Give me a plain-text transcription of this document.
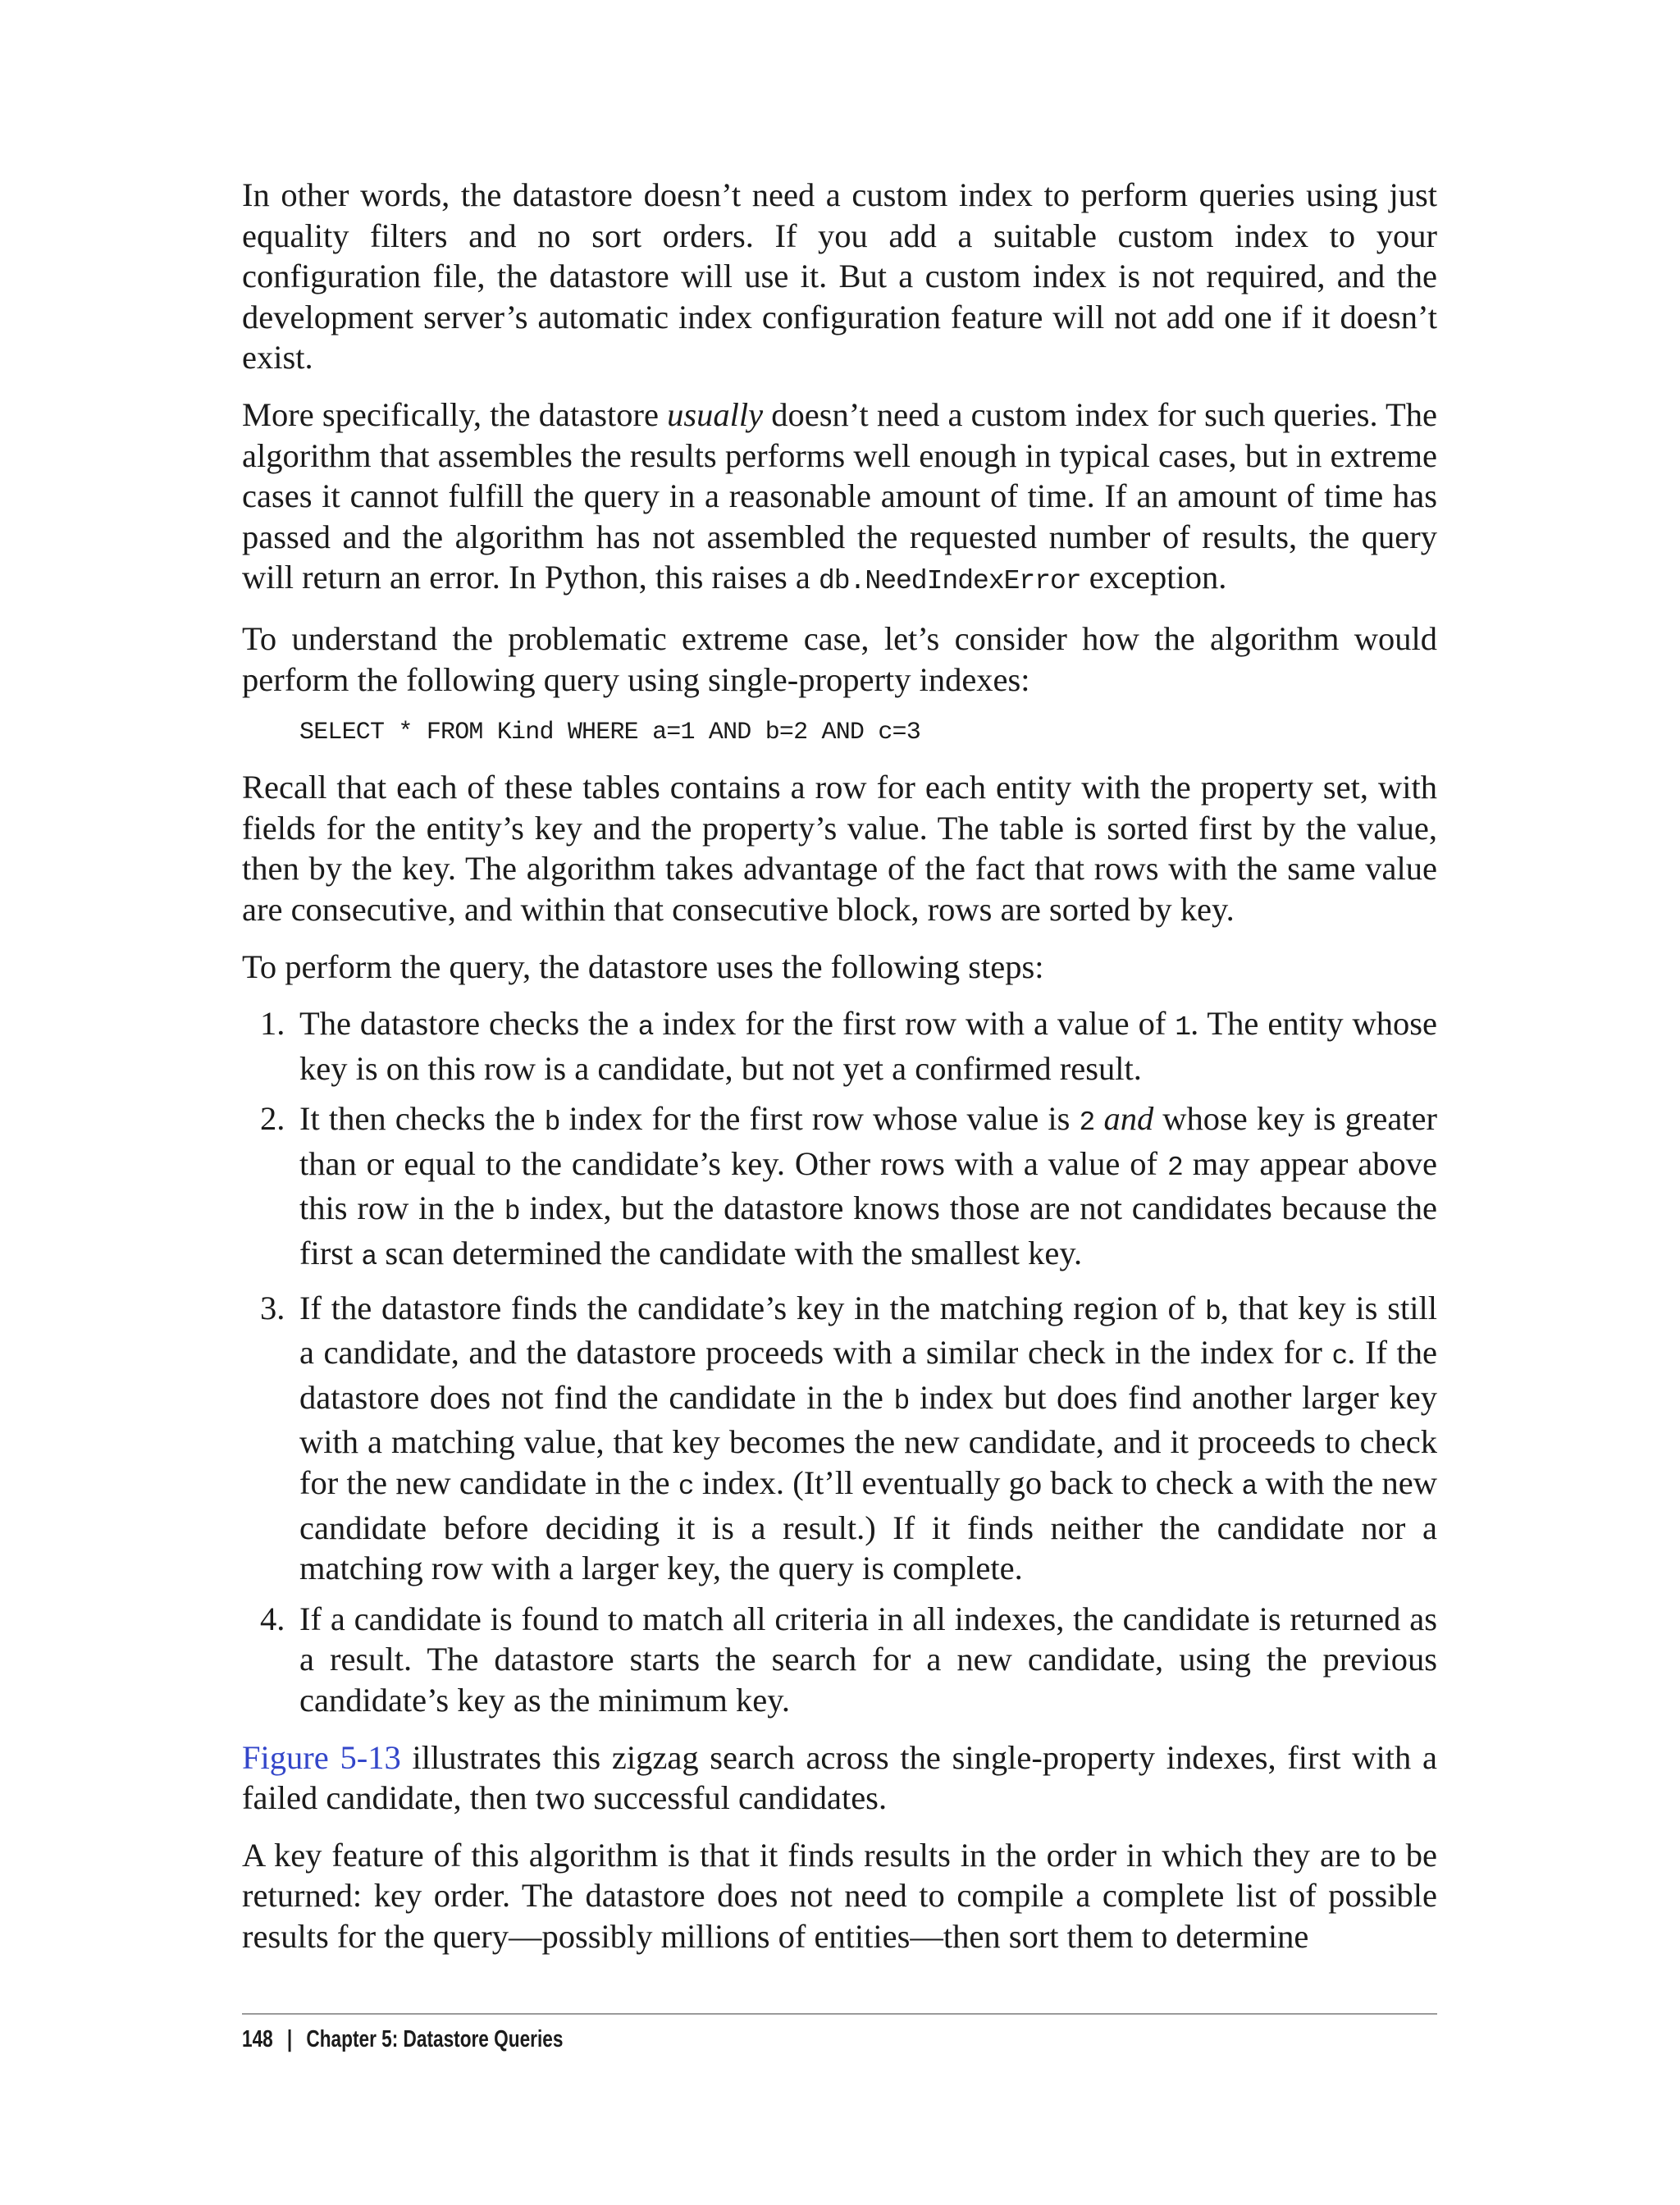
In other words, the datastore doesn’t need a custom index to perform queries using just equality filters and no sort orders. If you add a suitable custom index to your configuration file, the datastore will use it. But a custom index is not required, and the development server’s automatic index configuration feature will not add one if it doesn’t exist.

More specifically, the datastore usually doesn’t need a custom index for such queries. The algorithm that assembles the results performs well enough in typical cases, but in extreme cases it cannot fulfill the query in a reasonable amount of time. If an amount of time has passed and the algorithm has not assembled the requested number of results, the query will return an error. In Python, this raises a db.NeedIndexError exception.

To understand the problematic extreme case, let’s consider how the algorithm would perform the following query using single-property indexes:

SELECT * FROM Kind WHERE a=1 AND b=2 AND c=3

Recall that each of these tables contains a row for each entity with the property set, with fields for the entity’s key and the property’s value. The table is sorted first by the value, then by the key. The algorithm takes advantage of the fact that rows with the same value are consecutive, and within that consecutive block, rows are sorted by key.

To perform the query, the datastore uses the following steps:

1. The datastore checks the a index for the first row with a value of 1. The entity whose key is on this row is a candidate, but not yet a confirmed result.
2. It then checks the b index for the first row whose value is 2 and whose key is greater than or equal to the candidate’s key. Other rows with a value of 2 may appear above this row in the b index, but the datastore knows those are not candidates because the first a scan determined the candidate with the smallest key.
3. If the datastore finds the candidate’s key in the matching region of b, that key is still a candidate, and the datastore proceeds with a similar check in the index for c. If the datastore does not find the candidate in the b index but does find another larger key with a matching value, that key becomes the new candidate, and it proceeds to check for the new candidate in the c index. (It’ll eventually go back to check a with the new candidate before deciding it is a result.) If it finds neither the candidate nor a matching row with a larger key, the query is complete.
4. If a candidate is found to match all criteria in all indexes, the candidate is returned as a result. The datastore starts the search for a new candidate, using the previous candidate’s key as the minimum key.

Figure 5-13 illustrates this zigzag search across the single-property indexes, first with a failed candidate, then two successful candidates.

A key feature of this algorithm is that it finds results in the order in which they are to be returned: key order. The datastore does not need to compile a complete list of possible results for the query—possibly millions of entities—then sort them to determine

148 | Chapter 5: Datastore Queries
